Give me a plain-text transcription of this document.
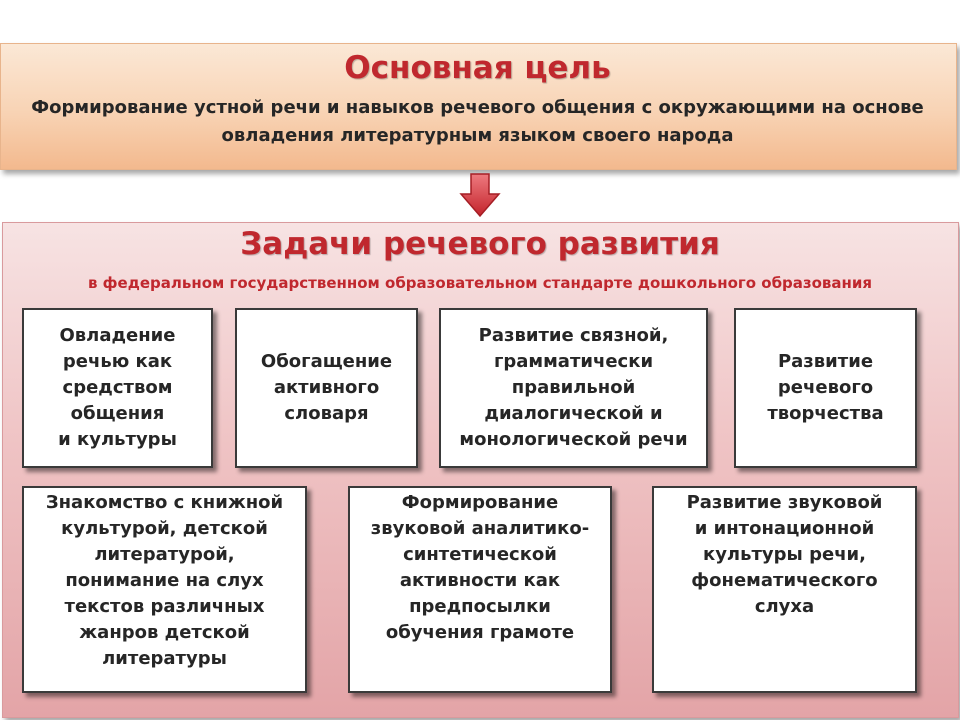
Основная цель
Формирование устной речи и навыков речевого общения с окружающими на основе овладения литературным языком своего народа
Задачи речевого развития
в федеральном государственном образовательном стандарте дошкольного образования
Овладение
речью как
средством
общения
и культуры
Обогащение
активного
словаря
Развитие связной,
грамматически
правильной
диалогической и
монологической речи
Развитие
речевого
творчества
Знакомство с книжной
культурой, детской
литературой,
понимание на слух
текстов различных
жанров детской
литературы
Формирование
звуковой аналитико-
синтетической
активности как
предпосылки
обучения грамоте
Развитие звуковой
и интонационной
культуры речи,
фонематического
слуха
